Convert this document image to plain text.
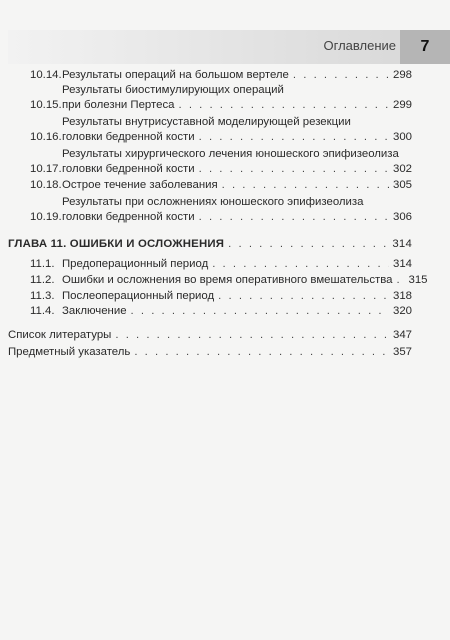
Оглавление	7
10.14. Результаты операций на большом вертеле . . .	298
10.15.
Результаты биостимулирующих операций
при болезни Пертеса . . .	299
10.16.
Результаты внутрисуставной моделирующей резекции
головки бедренной кости . . .	300
10.17.
Результаты хирургического лечения юношеского эпифизеолиза
головки бедренной кости . . .	302
10.18. Острое течение заболевания . . .	305
10.19.
Результаты при осложнениях юношеского эпифизеолиза
головки бедренной кости . . .	306
ГЛАВА 11. ОШИБКИ И ОСЛОЖНЕНИЯ . . .	314
11.1. Предоперационный период . . .	314
11.2. Ошибки и осложнения во время оперативного вмешательства . . . 315
11.3. Послеоперационный период . . .	318
11.4. Заключение . . .	320
Список литературы . . .	347
Предметный указатель . . .	357
